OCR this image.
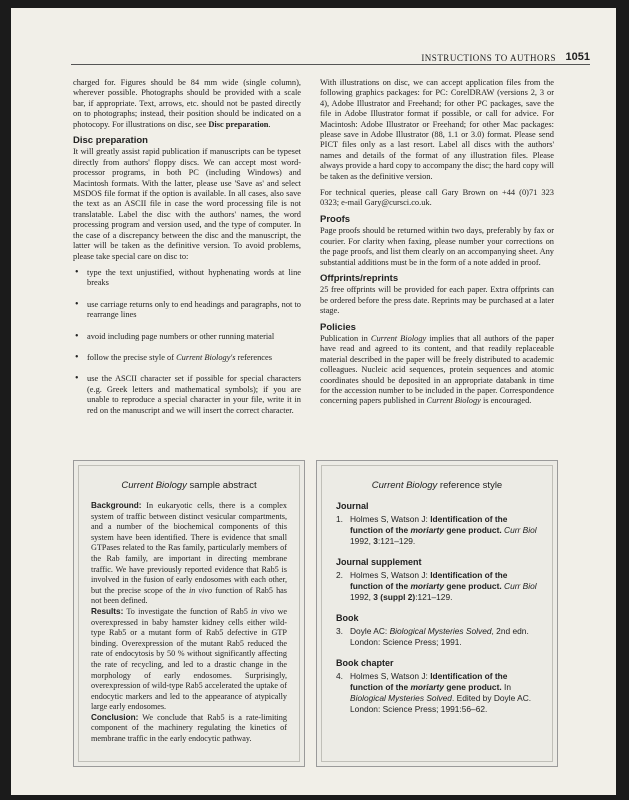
INSTRUCTIONS TO AUTHORS 1051

charged for. Figures should be 84 mm wide (single column), wherever possible. Photographs should be provided with a scale bar, if appropriate. Text, arrows, etc. should not be pasted directly on to photographs; instead, their position should be indicated on a photocopy. For illustrations on disc, see Disc preparation.

Disc preparation

It will greatly assist rapid publication if manuscripts can be typeset directly from authors' floppy discs. We can accept most word-processor programs, in both PC (including Windows) and Macintosh formats. With the latter, please use 'Save as' and select MSDOS file format if the option is available. In all cases, also save the text as an ASCII file in case the word processing file is not translatable. Label the disc with the authors' names, the word processing program and version used, and the type of computer. In the case of a discrepancy between the disc and the manuscript, the latter will be taken as the definitive version. To avoid problems, please take special care on disc to:

• type the text unjustified, without hyphenating words at line breaks
• use carriage returns only to end headings and paragraphs, not to rearrange lines
• avoid including page numbers or other running material
• follow the precise style of Current Biology's references
• use the ASCII character set if possible for special characters (e.g. Greek letters and mathematical symbols); if you are unable to reproduce a special character in your file, write it in red on the manuscript and we will insert the correct character.

With illustrations on disc, we can accept application files from the following graphics packages: for PC: CorelDRAW (versions 2, 3 or 4), Adobe Illustrator and Freehand; for other PC packages, save the file in Adobe Illustrator format if possible, or call for advice. For Macintosh: Adobe Illustrator or Freehand; for other Mac packages: please save in Adobe Illustrator (88, 1.1 or 3.0) format. Please send PICT files only as a last resort. Label all discs with the authors' names and details of the format of any illustration files. Please always provide a hard copy to accompany the disc; the hard copy will be taken as the definitive version.

For technical queries, please call Gary Brown on +44 (0)71 323 0323; e-mail Gary@cursci.co.uk.

Proofs

Page proofs should be returned within two days, preferably by fax or courier. For clarity when faxing, please number your corrections on the page proofs, and list them clearly on an accompanying sheet. Any substantial additions must be in the form of a note added in proof.

Offprints/reprints

25 free offprints will be provided for each paper. Extra offprints can be ordered before the press date. Reprints may be purchased at a later stage.

Policies

Publication in Current Biology implies that all authors of the paper have read and agreed to its content, and that readily replaceable material described in the paper will be freely distributed to academic colleagues. Nucleic acid sequences, protein sequences and atomic coordinates should be deposited in an appropriate databank in time for the accession number to be included in the paper. Correspondence concerning papers published in Current Biology is encouraged.

Current Biology sample abstract
Background: In eukaryotic cells, there is a complex system of traffic between distinct vesicular compartments, and a number of the biochemical components of this system have been identified. There is evidence that small GTPases related to the Ras family, particularly members of the Rab family, are important in directing membrane traffic. We have previously reported evidence that Rab5 is involved in the fusion of early endosomes with each other, but the precise scope of the in vivo function of Rab5 has not been defined.
Results: To investigate the function of Rab5 in vivo we overexpressed in baby hamster kidney cells either wild-type Rab5 or a mutant form of Rab5 defective in GTP binding. Overexpression of the mutant Rab5 reduced the rate of endocytosis by 50 % without significantly affecting the rate of recycling, and led to a drastic change in the morphology of early endosomes. Surprisingly, overexpression of wild-type Rab5 accelerated the uptake of endocytic markers and led to the appearance of atypically large early endosomes.
Conclusion: We conclude that Rab5 is a rate-limiting component of the machinery regulating the kinetics of membrane traffic in the early endocytic pathway.
Current Biology reference style
Journal
1. Holmes S, Watson J: Identification of the function of the moriarty gene product. Curr Biol 1992, 3:121–129.
Journal supplement
2. Holmes S, Watson J: Identification of the function of the moriarty gene product. Curr Biol 1992, 3 (suppl 2):121–129.
Book
3. Doyle AC: Biological Mysteries Solved, 2nd edn. London: Science Press; 1991.
Book chapter
4. Holmes S, Watson J: Identification of the function of the moriarty gene product. In Biological Mysteries Solved. Edited by Doyle AC. London: Science Press; 1991:56–62.
